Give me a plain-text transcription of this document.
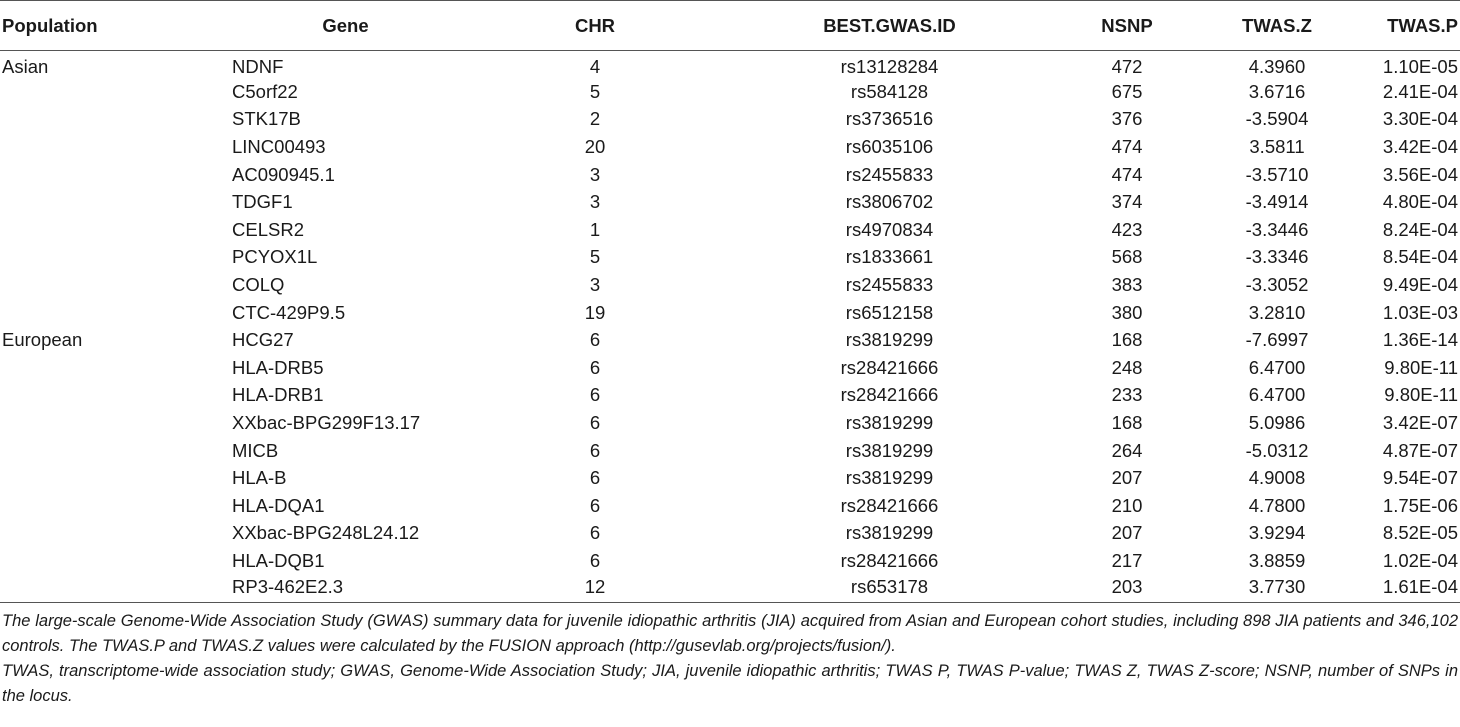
Population	Gene	CHR	BEST.GWAS.ID	NSNP	TWAS.Z	TWAS.P
Asian	NDNF	4	rs13128284	472	4.3960	1.10E-05
	C5orf22	5	rs584128	675	3.6716	2.41E-04
	STK17B	2	rs3736516	376	-3.5904	3.30E-04
	LINC00493	20	rs6035106	474	3.5811	3.42E-04
	AC090945.1	3	rs2455833	474	-3.5710	3.56E-04
	TDGF1	3	rs3806702	374	-3.4914	4.80E-04
	CELSR2	1	rs4970834	423	-3.3446	8.24E-04
	PCYOX1L	5	rs1833661	568	-3.3346	8.54E-04
	COLQ	3	rs2455833	383	-3.3052	9.49E-04
	CTC-429P9.5	19	rs6512158	380	3.2810	1.03E-03
European	HCG27	6	rs3819299	168	-7.6997	1.36E-14
	HLA-DRB5	6	rs28421666	248	6.4700	9.80E-11
	HLA-DRB1	6	rs28421666	233	6.4700	9.80E-11
	XXbac-BPG299F13.17	6	rs3819299	168	5.0986	3.42E-07
	MICB	6	rs3819299	264	-5.0312	4.87E-07
	HLA-B	6	rs3819299	207	4.9008	9.54E-07
	HLA-DQA1	6	rs28421666	210	4.7800	1.75E-06
	XXbac-BPG248L24.12	6	rs3819299	207	3.9294	8.52E-05
	HLA-DQB1	6	rs28421666	217	3.8859	1.02E-04
	RP3-462E2.3	12	rs653178	203	3.7730	1.61E-04

The large-scale Genome-Wide Association Study (GWAS) summary data for juvenile idiopathic arthritis (JIA) acquired from Asian and European cohort studies, including 898 JIA patients and 346,102 controls. The TWAS.P and TWAS.Z values were calculated by the FUSION approach (http://gusevlab.org/projects/fusion/).

TWAS, transcriptome-wide association study; GWAS, Genome-Wide Association Study; JIA, juvenile idiopathic arthritis; TWAS P, TWAS P-value; TWAS Z, TWAS Z-score; NSNP, number of SNPs in the locus.
